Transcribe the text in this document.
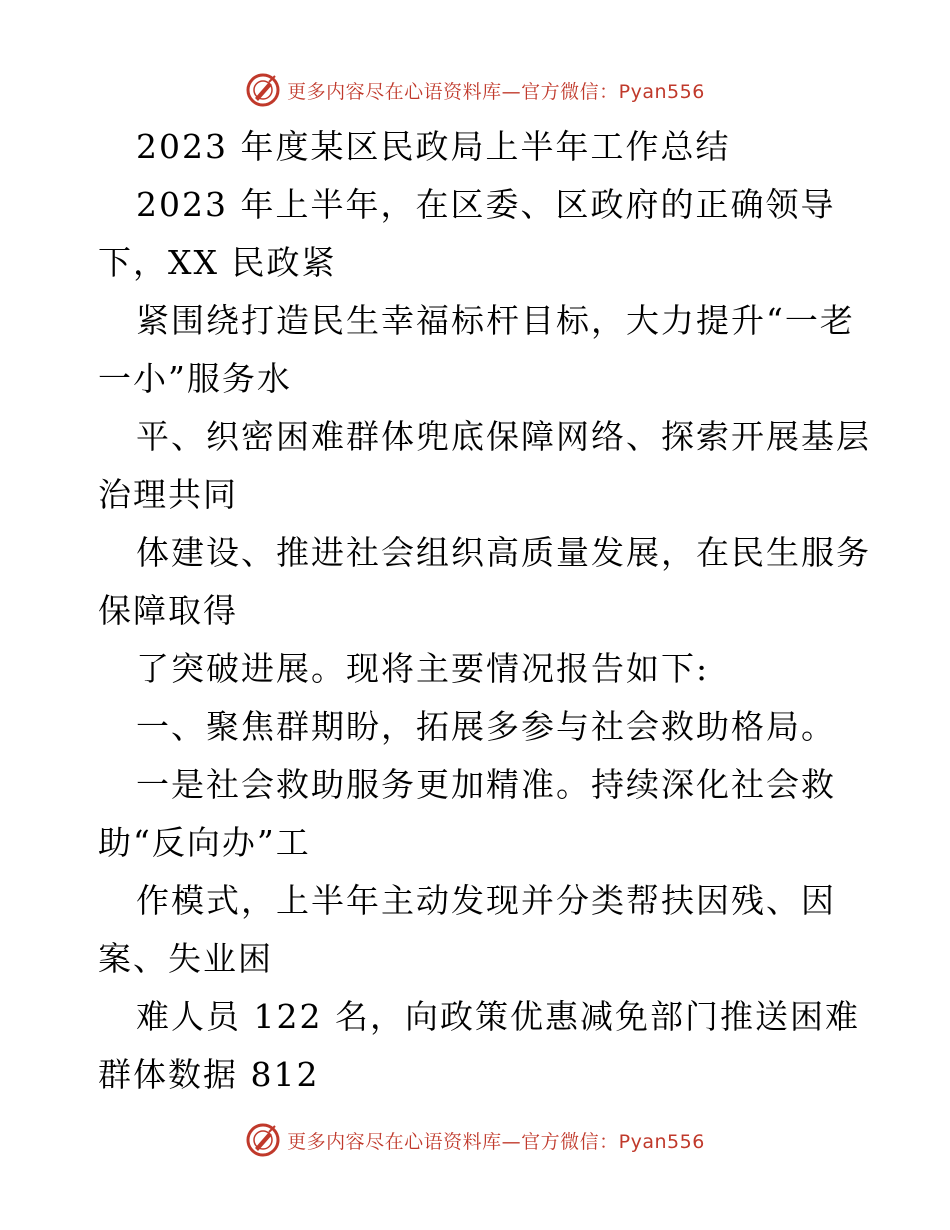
更多内容尽在心语资料库—官方微信：Pyan556
2023 年度某区民政局上半年工作总结
2023 年上半年，在区委、区政府的正确领导
下，XX 民政紧
紧围绕打造民生幸福标杆目标，大力提升“一老
一小”服务水
平、织密困难群体兜底保障网络、探索开展基层
治理共同
体建设、推进社会组织高质量发展，在民生服务
保障取得
了突破进展。现将主要情况报告如下:
一、聚焦群期盼，拓展多参与社会救助格局。
一是社会救助服务更加精准。持续深化社会救
助“反向办”工
作模式，上半年主动发现并分类帮扶因残、因
案、失业困
难人员 122 名，向政策优惠减免部门推送困难
群体数据 812
更多内容尽在心语资料库—官方微信：Pyan556
